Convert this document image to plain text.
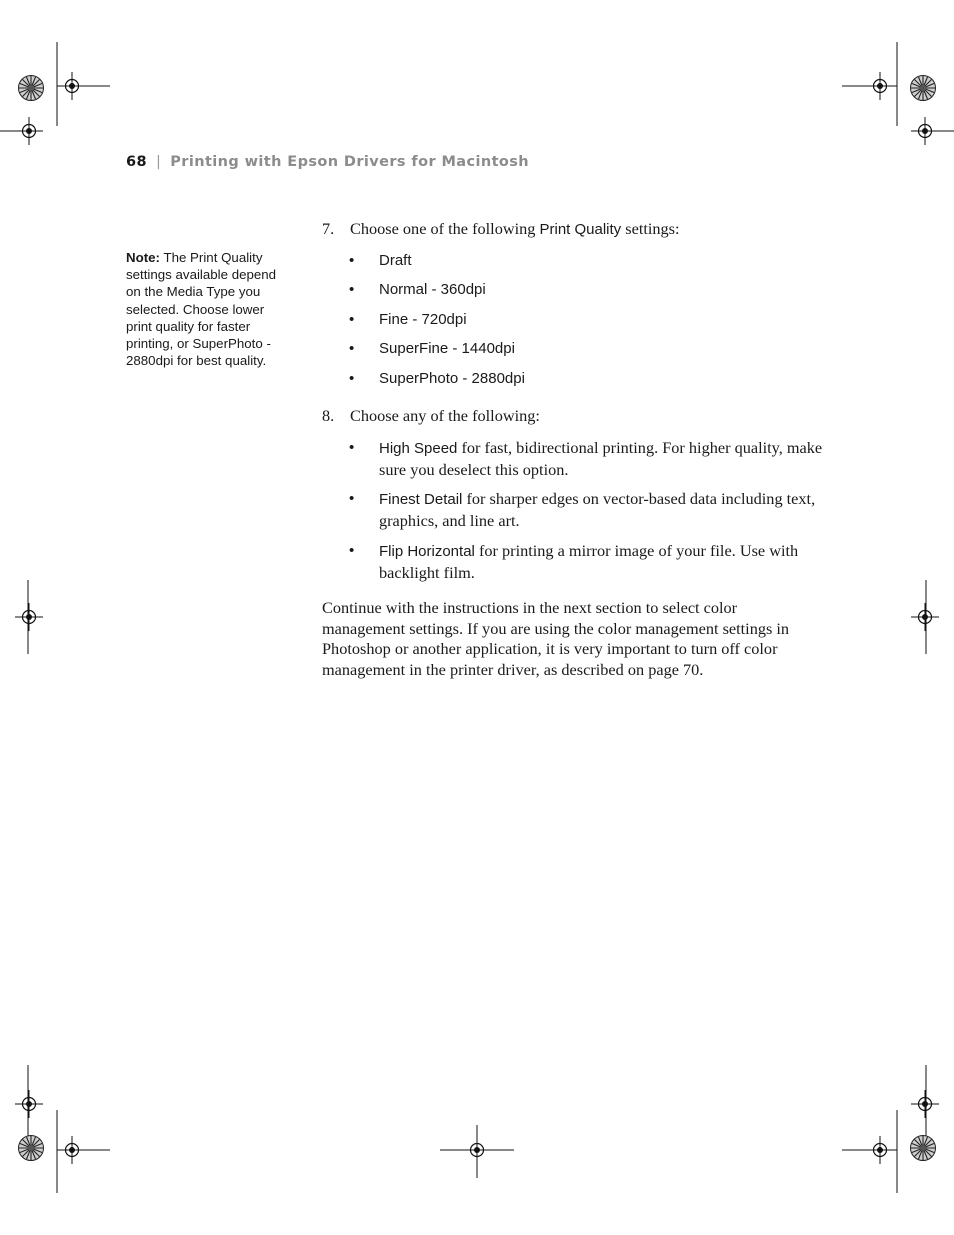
68 | Printing with Epson Drivers for Macintosh
Note: The Print Quality settings available depend on the Media Type you selected. Choose lower print quality for faster printing, or SuperPhoto - 2880dpi for best quality.
7. Choose one of the following Print Quality settings:
• Draft
• Normal - 360dpi
• Fine - 720dpi
• SuperFine - 1440dpi
• SuperPhoto - 2880dpi
8. Choose any of the following:
• High Speed for fast, bidirectional printing. For higher quality, make sure you deselect this option.
• Finest Detail for sharper edges on vector-based data including text, graphics, and line art.
• Flip Horizontal for printing a mirror image of your file. Use with backlight film.
Continue with the instructions in the next section to select color management settings. If you are using the color management settings in Photoshop or another application, it is very important to turn off color management in the printer driver, as described on page 70.
